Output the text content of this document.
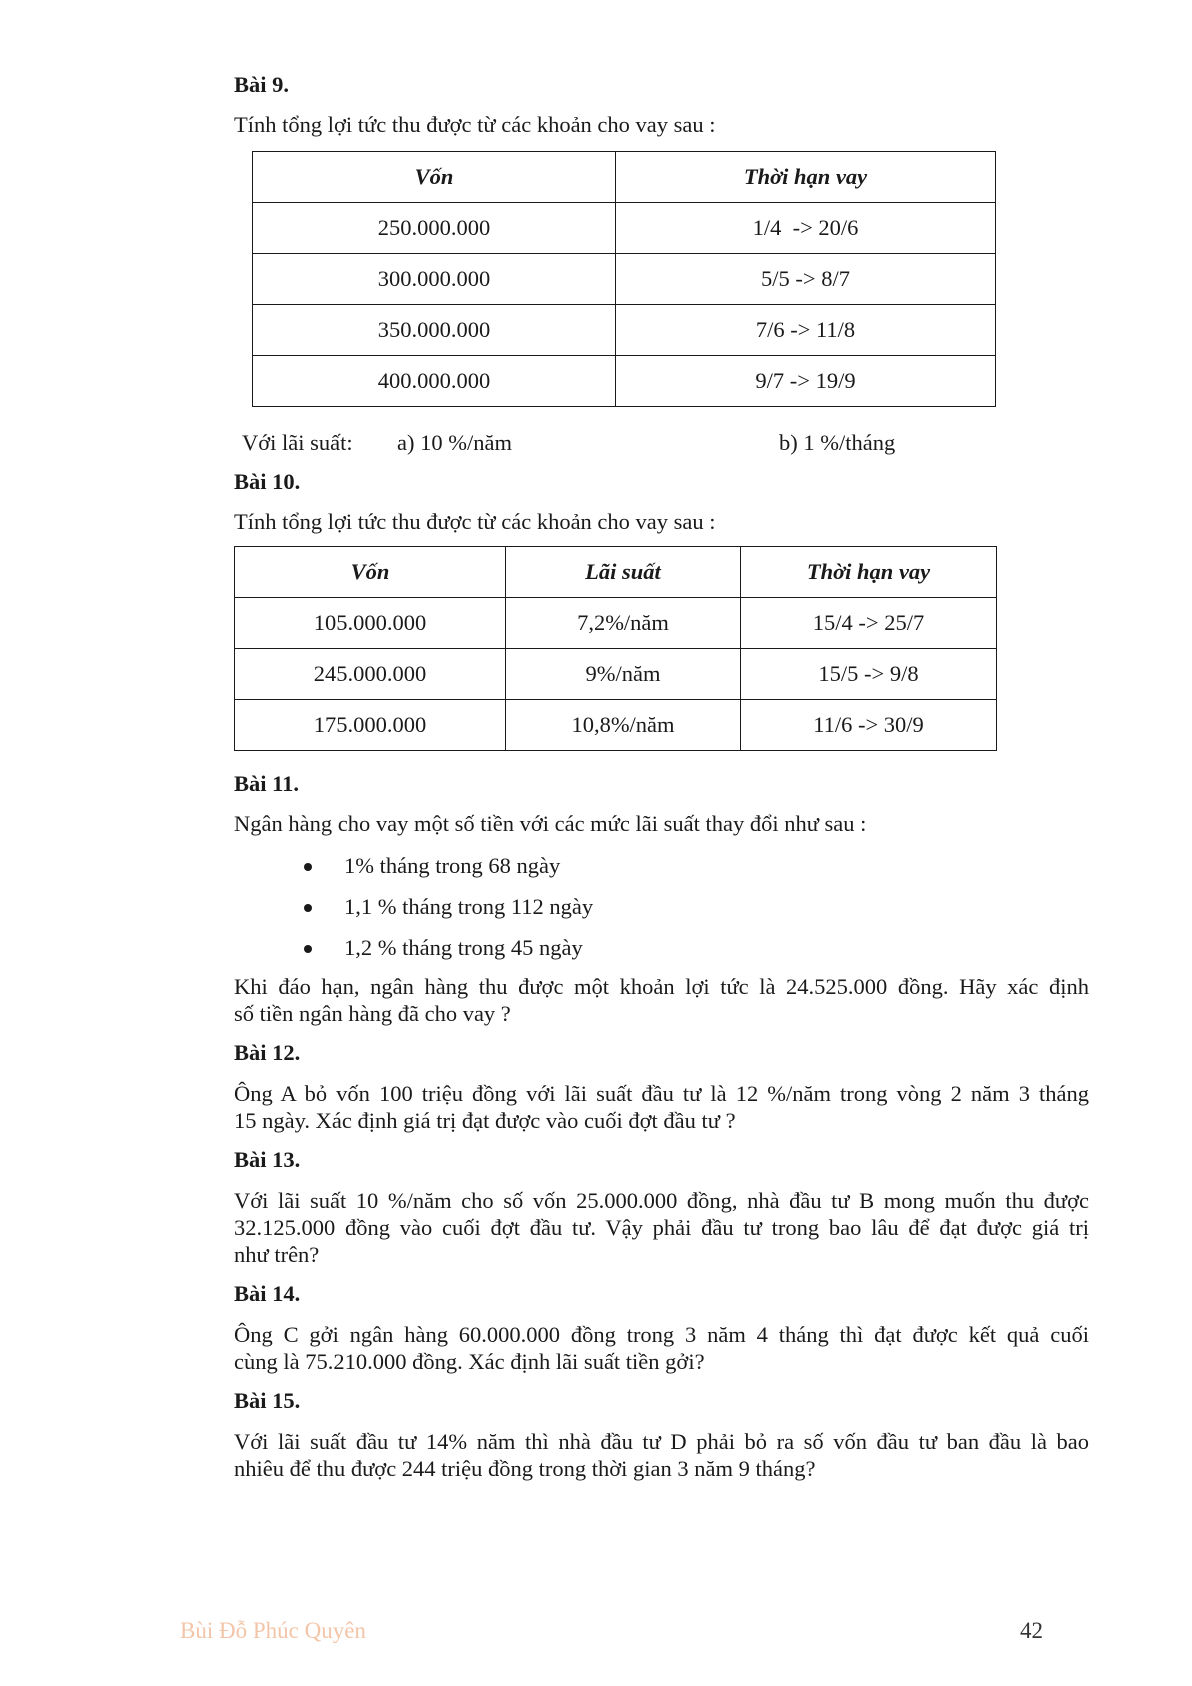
Bài 9.
Tính tổng lợi tức thu được từ các khoản cho vay sau :
Vốn	Thời hạn vay
250.000.000	1/4  -> 20/6
300.000.000	5/5 -> 8/7
350.000.000	7/6 -> 11/8
400.000.000	9/7 -> 19/9
Với lãi suất: a) 10 %/năm	b) 1 %/tháng
Bài 10.
Tính tổng lợi tức thu được từ các khoản cho vay sau :
Vốn	Lãi suất	Thời hạn vay
105.000.000	7,2%/năm	15/4 -> 25/7
245.000.000	9%/năm	15/5 -> 9/8
175.000.000	10,8%/năm	11/6 -> 30/9
Bài 11.
Ngân hàng cho vay một số tiền với các mức lãi suất thay đổi như sau :
1% tháng trong 68 ngày
1,1 % tháng trong 112 ngày
1,2 % tháng trong 45 ngày
Khi đáo hạn, ngân hàng thu được một khoản lợi tức là 24.525.000 đồng. Hãy xác định
số tiền ngân hàng đã cho vay ?
Bài 12.
Ông A bỏ vốn 100 triệu đồng với lãi suất đầu tư là 12 %/năm trong vòng 2 năm 3 tháng
15 ngày. Xác định giá trị đạt được vào cuối đợt đầu tư ?
Bài 13.
Với lãi suất 10 %/năm cho số vốn 25.000.000 đồng, nhà đầu tư B mong muốn thu được
32.125.000 đồng vào cuối đợt đầu tư. Vậy phải đầu tư trong bao lâu để đạt được giá trị
như trên?
Bài 14.
Ông C gởi ngân hàng 60.000.000 đồng trong 3 năm 4 tháng thì đạt được kết quả cuối
cùng là 75.210.000 đồng. Xác định lãi suất tiền gởi?
Bài 15.
Với lãi suất đầu tư 14% năm thì nhà đầu tư D phải bỏ ra số vốn đầu tư ban đầu là bao
nhiêu để thu được 244 triệu đồng trong thời gian 3 năm 9 tháng?
Bùi Đỗ Phúc Quyên	42
